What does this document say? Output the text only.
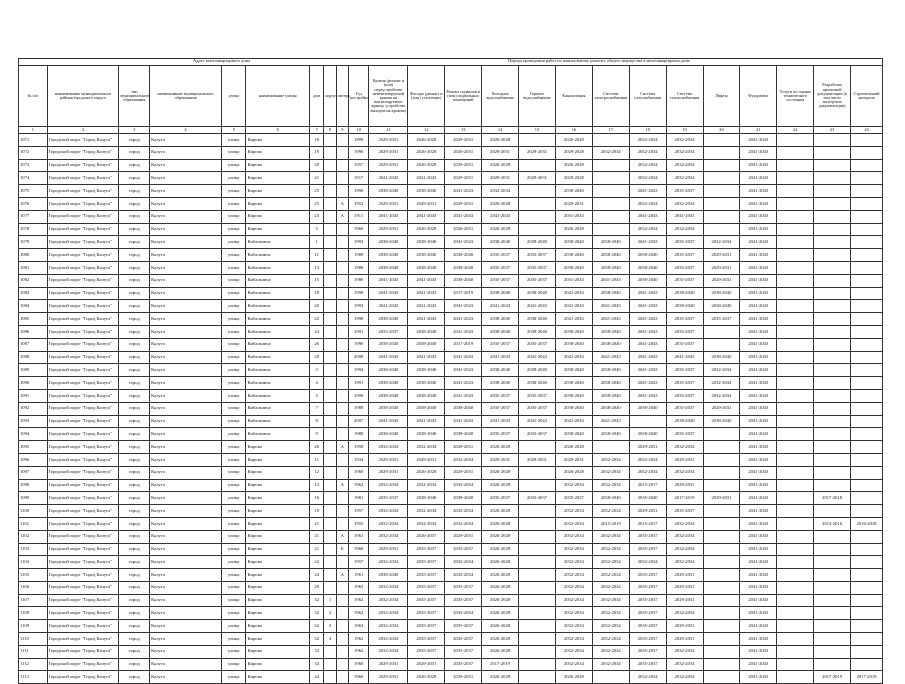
Адрес многоквартирного дома	Период проведения работ по капитальному ремонту общего имущества в многоквартирном доме

№ п/п	наименование муниципального района/городского округа	тип муниципального образования	наименование муниципального образования	улица	наименование улицы	дом	корпус	литера	Год постройки	Кровля (ремонт и (или) переустройство невентилируемой крыши на вентилируемую крышу, устройство выходов на кровлю)	Фасады (ремонт и (или) утепление)	Ремонт подвалов и (или) подвальных помещений	Холодное водоснабжение	Горячее водоснабжение	Канализация	Система электроснабжения	Система газоснабжения	Система теплоснабжения	Лифты	Фундамент	Услуги по оценке технического состояния	Разработка проектной документации (в том числе экспертиза документации)	Строительный контроль
1	2	3	4	5	6	7	8	9	10	11	12	13	14	15	16	17	18	19	20	21	22	23	24
1071	Городской округ "Город Калуга"	город	Калуга	улица	Кирова	19			1899	2029-2031	2026-2028	2029-2031	2026-2028		2026-2028		2032-2034	2032-2034		2041-2043			
1072	Городской округ "Город Калуга"	город	Калуга	улица	Кирова	19			1996	2029-2031	2026-2028	2026-2031	2029-2031	2029-2031	2029-2028	2032-2034	2032-2034	2032-2034		2041-2043			
1073	Городской округ "Город Калуга"	город	Калуга	улица	Кирова	20			1957	2029-2031	2026-2028	2029-2031	2026-2028		2026-2028		2032-2034	2032-2034		2041-2043			
1074	Городской округ "Город Калуга"	город	Калуга	улица	Кирова	21			1917	2041-2043	2041-2043	2029-2031	2029-2031	2029-2031	2029-2028		2032-2034	2032-2034		2041-2043			
1075	Городской округ "Город Калуга"	город	Калуга	улица	Кирова	25			1990	2038-2040	2038-2040	2041-2043	2032-2034		2038-2040		2041-2043	2035-2037		2041-2043			
1076	Городской округ "Город Калуга"	город	Калуга	улица	Кирова	25		А	1952	2029-2031	2029-2031	2029-2031	2026-2028		2029-2031		2032-2034	2032-2034		2041-2043			
1077	Городской округ "Город Калуга"	город	Калуга	улица	Кирова	23		А	1911	2041-2043	2041-2043	2041-2043	2041-2043		2041-2043		2041-2043	2041-2043		2041-2043			
1078	Городской округ "Город Калуга"	город	Калуга	улица	Кирова	5			1960	2029-2031	2026-2028	2026-2031	2026-2028		2026-2028		2032-2034	2032-2034		2041-2043			
1079	Городской округ "Город Калуга"	город	Калуга	улица	Кибальчича	1			1992	2038-2040	2038-2040	2041-2043	2038-2040	2038-2040	2038-2040	2038-2040	2041-2043	2035-2037	2032-2034	2041-2043			
1080	Городской округ "Город Калуга"	город	Калуга	улица	Кибальчича	11			1989	2038-2040	2038-2040	2038-2040	2035-2037	2035-2037	2038-2040	2038-2040	2038-2040	2035-2037	2029-2031	2041-2043			
1081	Городской округ "Город Калуга"	город	Калуга	улица	Кибальчича	13			1988	2038-2040	2038-2040	2038-2040	2035-2037	2035-2037	2038-2040	2038-2040	2038-2040	2035-2037	2029-2031	2041-2043			
1082	Городской округ "Город Калуга"	город	Калуга	улица	Кибальчича	15			1986	2041-2043	2041-2043	2038-2040	2035-2037	2035-2037	2041-2043	2041-2043	2038-2040	2035-2037	2029-2031	2041-2043			
1083	Городской округ "Город Калуга"	город	Калуга	улица	Кибальчича	18			1990	2041-2043	2041-2043	2017-2019	2038-2040	2038-2040	2041-2043	2038-2040	2041-2043	2038-2040	2038-2040	2041-2043			
1084	Городской округ "Город Калуга"	город	Калуга	улица	Кибальчича	20			1992	2041-2043	2041-2043	2041-2043	2041-2043	2041-2043	2041-2043	2041-2043	2041-2043	2038-2040	2038-2040	2041-2043			
1085	Городской округ "Город Калуга"	город	Калуга	улица	Кибальчича	22			1998	2038-2040	2041-2043	2041-2043	2038-2040	2038-2040	2041-2043	2041-2043	2041-2043	2035-2037	2035-2037	2041-2043			
1086	Городской округ "Город Калуга"	город	Калуга	улица	Кибальчича	24			1991	2035-2037	2038-2040	2041-2043	2038-2040	2038-2040	2038-2040	2038-2040	2041-2043	2035-2037		2041-2043			
1087	Городской округ "Город Калуга"	город	Калуга	улица	Кибальчича	26			1990	2038-2040	2038-2040	2017-2019	2035-2037	2035-2037	2038-2040	2038-2040	2041-2043	2035-2037		2041-2043			
1088	Городской округ "Город Калуга"	город	Калуга	улица	Кибальчича	28			2008	2041-2043	2041-2043	2041-2043	2041-2043	2041-2043	2041-2043	2041-2043	2041-2043	2041-2043	2038-2040	2041-2043			
1089	Городской округ "Город Калуга"	город	Калуга	улица	Кибальчича	3			1994	2038-2040	2038-2040	2041-2043	2038-2040	2038-2040	2038-2040	2038-2040	2041-2043	2035-2037	2032-2034	2041-2043			
1090	Городской округ "Город Калуга"	город	Калуга	улица	Кибальчича	4			1991	2038-2040	2038-2040	2041-2043	2038-2040	2038-2040	2038-2040	2038-2040	2041-2043	2035-2037	2032-2034	2041-2043			
1091	Городской округ "Город Калуга"	город	Калуга	улица	Кибальчича	5			1990	2038-2040	2038-2040	2041-2043	2035-2037	2035-2037	2038-2040	2038-2040	2041-2043	2035-2037	2032-2034	2041-2043			
1092	Городской округ "Город Калуга"	город	Калуга	улица	Кибальчича	7			1989	2038-2040	2038-2040	2038-2040	2035-2037	2035-2037	2038-2040	2038-2040	2038-2040	2035-2037	2029-2031	2041-2043			
1093	Городской округ "Город Калуга"	город	Калуга	улица	Кибальчича	8			2007	2041-2043	2041-2043	2041-2043	2041-2043	2041-2043	2041-2043	2041-2043		2038-2040	2038-2040	2041-2043			
1094	Городской округ "Город Калуга"	город	Калуга	улица	Кибальчича	9			1988	2038-2040	2038-2040	2038-2040	2035-2037	2035-2037	2038-2040	2038-2040	2038-2040	2035-2037		2041-2043			
1095	Городской округ "Город Калуга"	город	Калуга	улица	Кирова	26		А	1958	2032-2034	2032-2034	2029-2031	2026-2028		2026-2028		2029-2031	2032-2034		2041-2043			
1096	Городской округ "Город Калуга"	город	Калуга	улица	Кирова	11			1934	2029-2031	2029-2031	2032-2034	2029-2031	2029-2031	2029-2031	2032-2034	2032-2034	2029-2031		2041-2043			
1097	Городской округ "Город Калуга"	город	Калуга	улица	Кирова	12			1960	2029-2031	2026-2028	2029-2031	2026-2028		2026-2028	2032-2034	2032-2034	2032-2034		2041-2043			
1098	Городской округ "Город Калуга"	город	Калуга	улица	Кирова	14		А	1962	2032-2034	2032-2034	2032-2034	2026-2028		2032-2034	2032-2034	2015-2017	2029-2031		2041-2043			
1099	Городской округ "Город Калуга"	город	Калуга	улица	Кирова	16			1981	2035-2037	2038-2040	2038-2040	2035-2037	2035-2037	2035-2037	2038-2040	2035-2040	2017-2019	2029-2031	2041-2043		2017-2018	
1100	Городской округ "Город Калуга"	город	Калуга	улица	Кирова	19			1957	2032-2034	2032-2034	2032-2034	2026-2028		2032-2034	2032-2034	2029-2031	2035-2037		2041-2043			
1101	Городской округ "Город Калуга"	город	Калуга	улица	Кирова	21			1955	2032-2034	2032-2034	2032-2034	2026-2028		2032-2034	2015-2019	2015-2017	2032-2034		2041-2043		2014-2016	2016-2018
1102	Городской округ "Город Калуга"	город	Калуга	улица	Кирова	21		А	1961	2032-2034	2026-2037	2029-2031	2026-2028		2032-2034	2032-2034	2035-2037	2032-2034		2041-2043			
1103	Городской округ "Город Калуга"	город	Калуга	улица	Кирова	21		Б	1968	2029-2031	2035-2037	2035-2037	2026-2028		2032-2034	2032-2034	2035-2037	2032-2034		2041-2043			
1104	Городской округ "Город Калуга"	город	Калуга	улица	Кирова	22			1957	2032-2034	2035-2037	2032-2034	2026-2028		2032-2034	2032-2034	2032-2034	2032-2034		2041-2043			
1105	Городской округ "Город Калуга"	город	Калуга	улица	Кирова	24		А	1961	2038-2040	2035-2037	2032-2034	2026-2028		2032-2034	2032-2034	2035-2037	2029-2031		2041-2043			
1106	Городской округ "Город Калуга"	город	Калуга	улица	Кирова	29			1963	2032-2034	2035-2037	2035-2037	2026-2028		2032-2034	2032-2034	2035-2037	2029-2031		2041-2043			
1107	Городской округ "Город Калуга"	город	Калуга	улица	Кирова	32	1		1962	2032-2034	2035-2037	2035-2037	2026-2028		2032-2034	2032-2034	2035-2037	2029-2031		2041-2043			
1108	Городской округ "Город Калуга"	город	Калуга	улица	Кирова	32	2		1962	2032-2034	2035-2037	2032-2034	2026-2028		2032-2034	2032-2034	2035-2037	2032-2034		2041-2043			
1109	Городской округ "Город Калуга"	город	Калуга	улица	Кирова	32	3		1963	2032-2034	2035-2037	2035-2037	2026-2028		2032-2034	2032-2034	2035-2037	2029-2031		2041-2043			
1110	Городской округ "Город Калуга"	город	Калуга	улица	Кирова	32	4		1962	2032-2034	2035-2037	2035-2037	2026-2028		2032-2034	2032-2034	2035-2037	2029-2031		2041-2043			
1111	Городской округ "Город Калуга"	город	Калуга	улица	Кирова	33			1962	2032-2034	2035-2037	2035-2037	2026-2028		2032-2034	2032-2034	2035-2037	2032-2034		2041-2043			
1112	Городской округ "Город Калуга"	город	Калуга	улица	Кирова	34			1960	2029-2031	2029-2031	2035-2037	2017-2019		2032-2034	2032-2034	2035-2037	2032-2034		2041-2043			
1113	Городской округ "Город Калуга"	город	Калуга	улица	Кирова	44			1960	2029-2031	2026-2028	2029-2031	2026-2028		2026-2028		2032-2034	2032-2034		2041-2043		2017-2019	2017-2019
